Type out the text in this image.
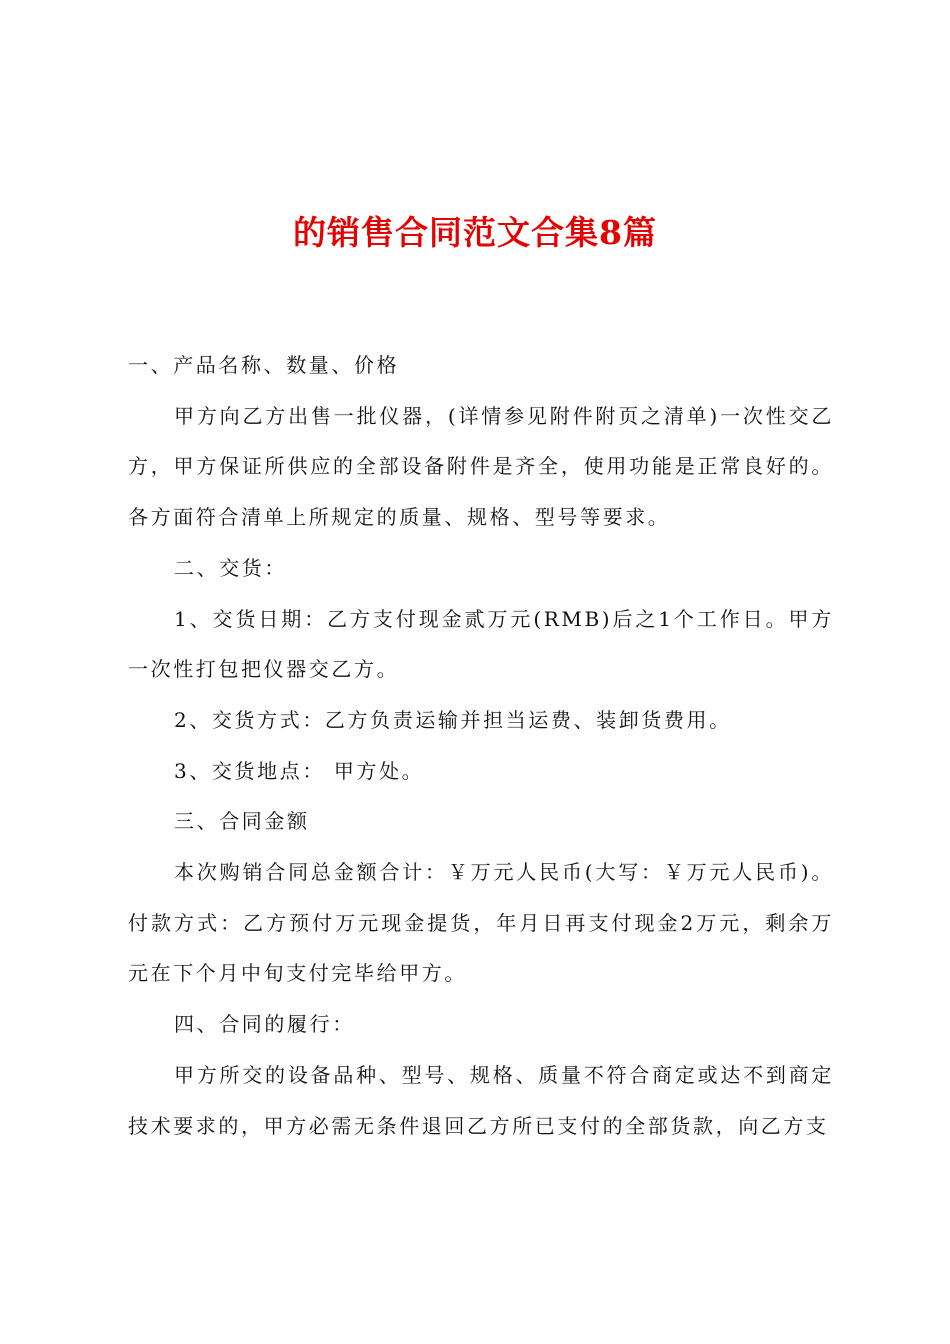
的销售合同范文合集8篇

一、产品名称、数量、价格

甲方向乙方出售一批仪器，(详情参见附件附页之清单)一次性交乙方，甲方保证所供应的全部设备附件是齐全，使用功能是正常良好的。各方面符合清单上所规定的质量、规格、型号等要求。

二、交货：

1、交货日期：乙方支付现金贰万元(RMB)后之1个工作日。甲方一次性打包把仪器交乙方。

2、交货方式：乙方负责运输并担当运费、装卸货费用。

3、交货地点： 甲方处。

三、合同金额

本次购销合同总金额合计：￥万元人民币(大写：￥万元人民币)。付款方式：乙方预付万元现金提货，年月日再支付现金2万元，剩余万元在下个月中旬支付完毕给甲方。

四、合同的履行：

甲方所交的设备品种、型号、规格、质量不符合商定或达不到商定技术要求的，甲方必需无条件退回乙方所已支付的全部货款，向乙方支
